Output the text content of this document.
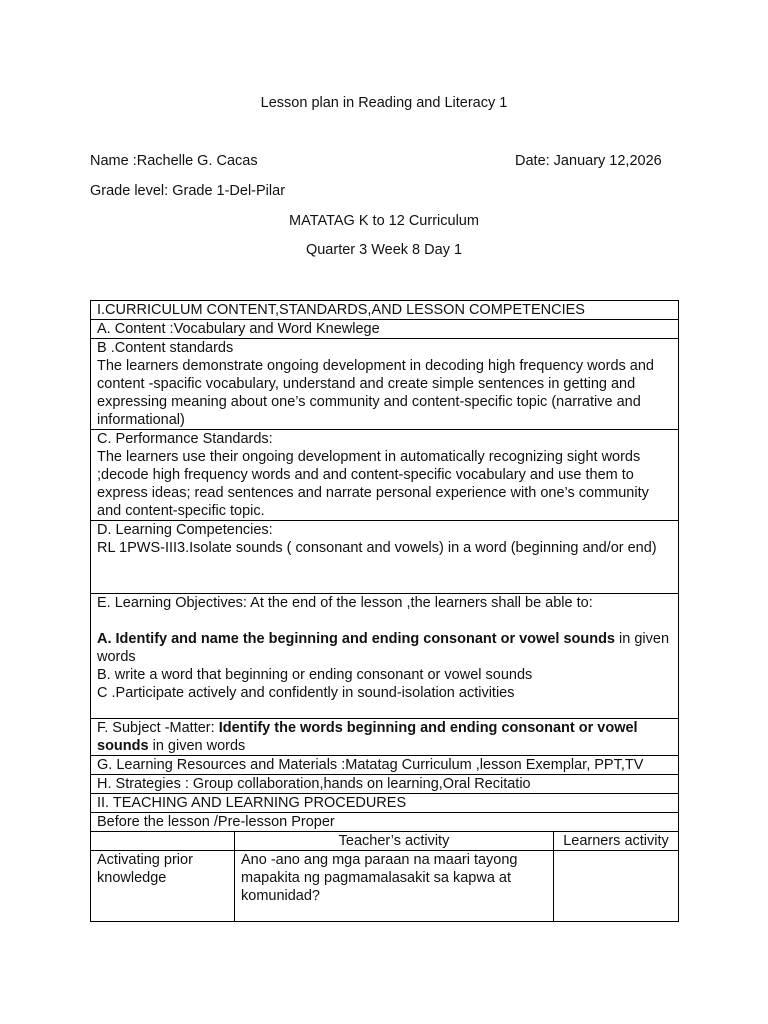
Lesson plan in Reading and Literacy 1
Name :Rachelle G. Cacas	Date: January 12,2026
Grade level: Grade 1-Del-Pilar
MATATAG K to 12 Curriculum
Quarter 3 Week 8 Day 1
I.CURRICULUM CONTENT,STANDARDS,AND LESSON COMPETENCIES		
A. Content :Vocabulary and Word Knewlege		

B .Content standards
The learners demonstrate ongoing development in decoding high frequency words and content -spacific vocabulary, understand and create simple sentences in getting and expressing meaning about one’s community and content-specific topic (narrative and informational)		

C. Performance Standards:
The learners use their ongoing development in automatically recognizing sight words ;decode high frequency words and and content-specific vocabulary and use them to express ideas; read sentences and narrate personal experience with one’s community and content-specific topic.		

D. Learning Competencies:
RL 1PWS-III3.Isolate sounds ( consonant and vowels) in a word (beginning and/or end)		

E. Learning Objectives: At the end of the lesson ,the learners shall be able to:
A. Identify and name the beginning and ending consonant or vowel sounds in given words
B. write a word that beginning or ending consonant or vowel sounds
C .Participate actively and confidently in sound-isolation activities		

F. Subject -Matter: Identify the words beginning and ending consonant or vowel sounds in given words		
G. Learning Resources and Materials :Matatag Curriculum ,lesson Exemplar, PPT,TV		
H. Strategies : Group collaboration,hands on learning,Oral Recitatio		
II. TEACHING AND LEARNING PROCEDURES		
Before the lesson /Pre-lesson Proper		
	Teacher’s activity	Learners activity
Activating prior knowledge	Ano -ano ang mga paraan na maari tayong mapakita ng pagmamalasakit sa kapwa at komunidad?	
